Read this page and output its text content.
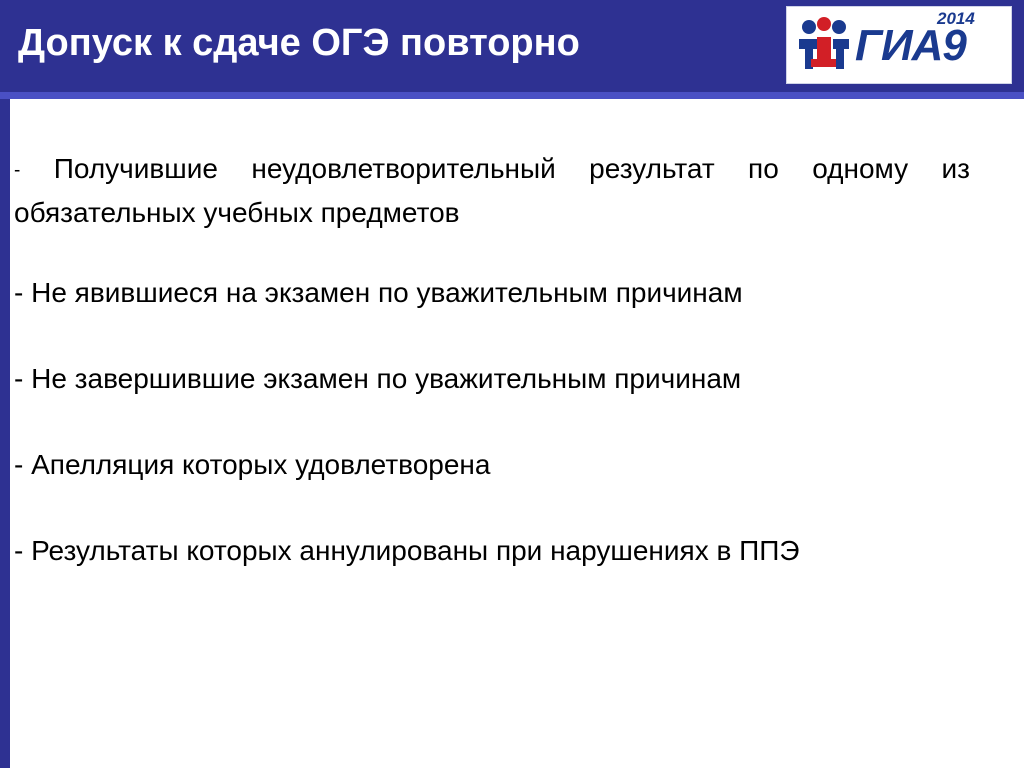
Допуск к сдаче ОГЭ повторно
2014
ГИА9

- Получившие неудовлетворительный результат по одному из обязательных учебных предметов

- Не явившиеся на экзамен по уважительным причинам

- Не завершившие экзамен по уважительным причинам

- Апелляция которых удовлетворена

- Результаты которых аннулированы при нарушениях в ППЭ
